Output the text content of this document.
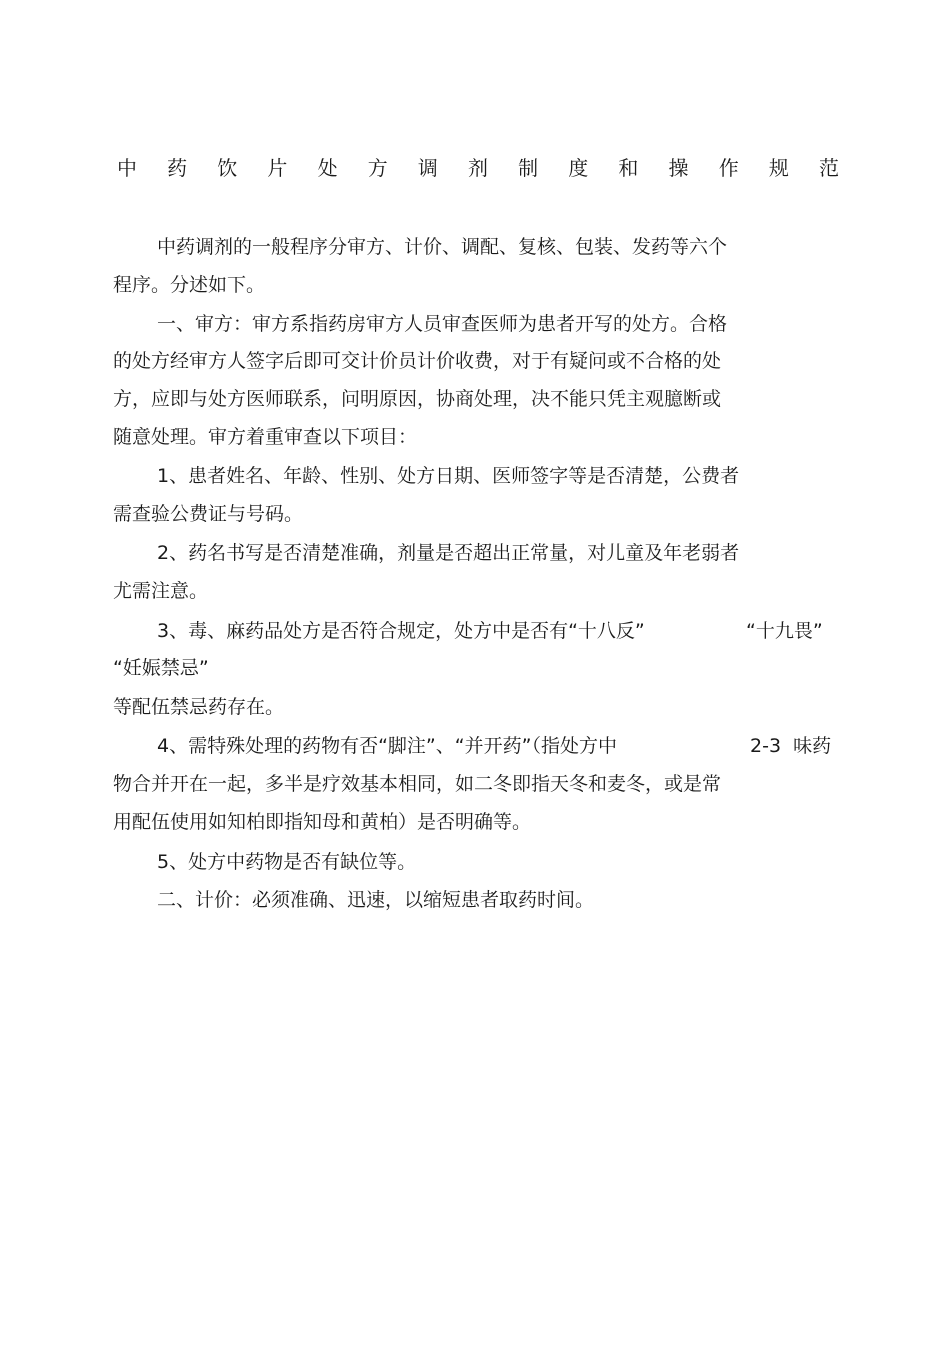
中 药 饮 片 处 方 调 剂 制 度 和 操 作 规 范
中药调剂的一般程序分审方、计价、调配、复核、包装、发药等六个
程序。分述如下。
一、审方：审方系指药房审方人员审查医师为患者开写的处方。合格
的处方经审方人签字后即可交计价员计价收费，对于有疑问或不合格的处
方，应即与处方医师联系，问明原因，协商处理，决不能只凭主观臆断或
随意处理。审方着重审查以下项目：
1、患者姓名、年龄、性别、处方日期、医师签字等是否清楚，公费者
需查验公费证与号码。
2、药名书写是否清楚准确，剂量是否超出正常量，对儿童及年老弱者
尤需注意。
3、毒、麻药品处方是否符合规定，处方中是否有“十八反”	“十九畏”
“妊娠禁忌”
等配伍禁忌药存在。
4、需特殊处理的药物有否“脚注”、“并开药”（指处方中	2-3  味药
物合并开在一起，多半是疗效基本相同，如二冬即指天冬和麦冬，或是常
用配伍使用如知柏即指知母和黄柏）是否明确等。
5、处方中药物是否有缺位等。
二、计价：必须准确、迅速，以缩短患者取药时间。
